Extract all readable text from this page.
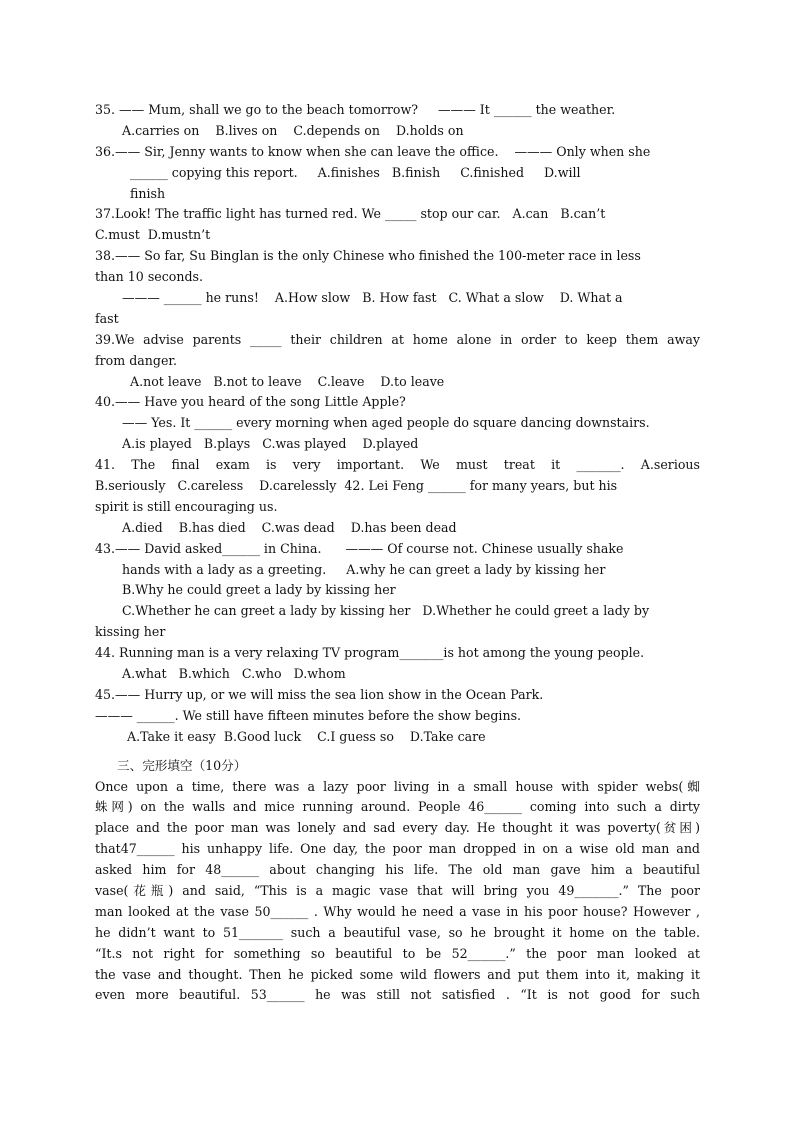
35. —— Mum, shall we go to the beach tomorrow?     ——— It ______ the weather.
A.carries on    B.lives on    C.depends on    D.holds on
36.—— Sir, Jenny wants to know when she can leave the office.    ——— Only when she
______ copying this report.     A.finishes   B.finish     C.finished     D.will
finish
37.Look! The traffic light has turned red. We _____ stop our car.   A.can   B.can’t
C.must  D.mustn’t
38.—— So far, Su Binglan is the only Chinese who finished the 100-meter race in less
than 10 seconds.
——— ______ he runs!    A.How slow   B. How fast   C. What a slow    D. What a
fast
39.We advise parents _____ their children at home alone in order to keep them away
from danger.
A.not leave   B.not to leave    C.leave    D.to leave
40.—— Have you heard of the song Little Apple?
—— Yes. It ______ every morning when aged people do square dancing downstairs.
A.is played   B.plays   C.was played    D.played
41. The final exam is very important. We must treat it _______. A.serious
B.seriously   C.careless    D.carelessly  42. Lei Feng ______ for many years, but his
spirit is still encouraging us.
A.died    B.has died    C.was dead    D.has been dead
43.—— David asked______ in China.      ——— Of course not. Chinese usually shake
hands with a lady as a greeting.     A.why he can greet a lady by kissing her
B.Why he could greet a lady by kissing her
C.Whether he can greet a lady by kissing her   D.Whether he could greet a lady by
kissing her
44. Running man is a very relaxing TV program_______is hot among the young people.
A.what   B.which   C.who   D.whom
45.—— Hurry up, or we will miss the sea lion show in the Ocean Park.
——— ______. We still have fifteen minutes before the show begins.
A.Take it easy  B.Good luck    C.I guess so    D.Take care
三、完形填空（10分）
Once upon a time, there was a lazy poor living in a small house with spider webs(蜘
蛛网) on the walls and mice running around. People 46______ coming into such a dirty
place and the poor man was lonely and sad every day. He thought it was poverty(贫困)
that47______ his unhappy life. One day, the poor man dropped in on a wise old man and
asked him for 48______ about changing his life. The old man gave him a beautiful
vase(花瓶) and said, “This is a magic vase that will bring you 49_______.” The poor
man looked at the vase 50______ . Why would he need a vase in his poor house? However ,
he didn’t want to 51_______ such a beautiful vase, so he brought it home on the table.
“It.s not right for something so beautiful to be 52______.” the poor man looked at
the vase and thought. Then he picked some wild flowers and put them into it, making it
even more beautiful. 53______ he was still not satisfied . “It is not good for such
